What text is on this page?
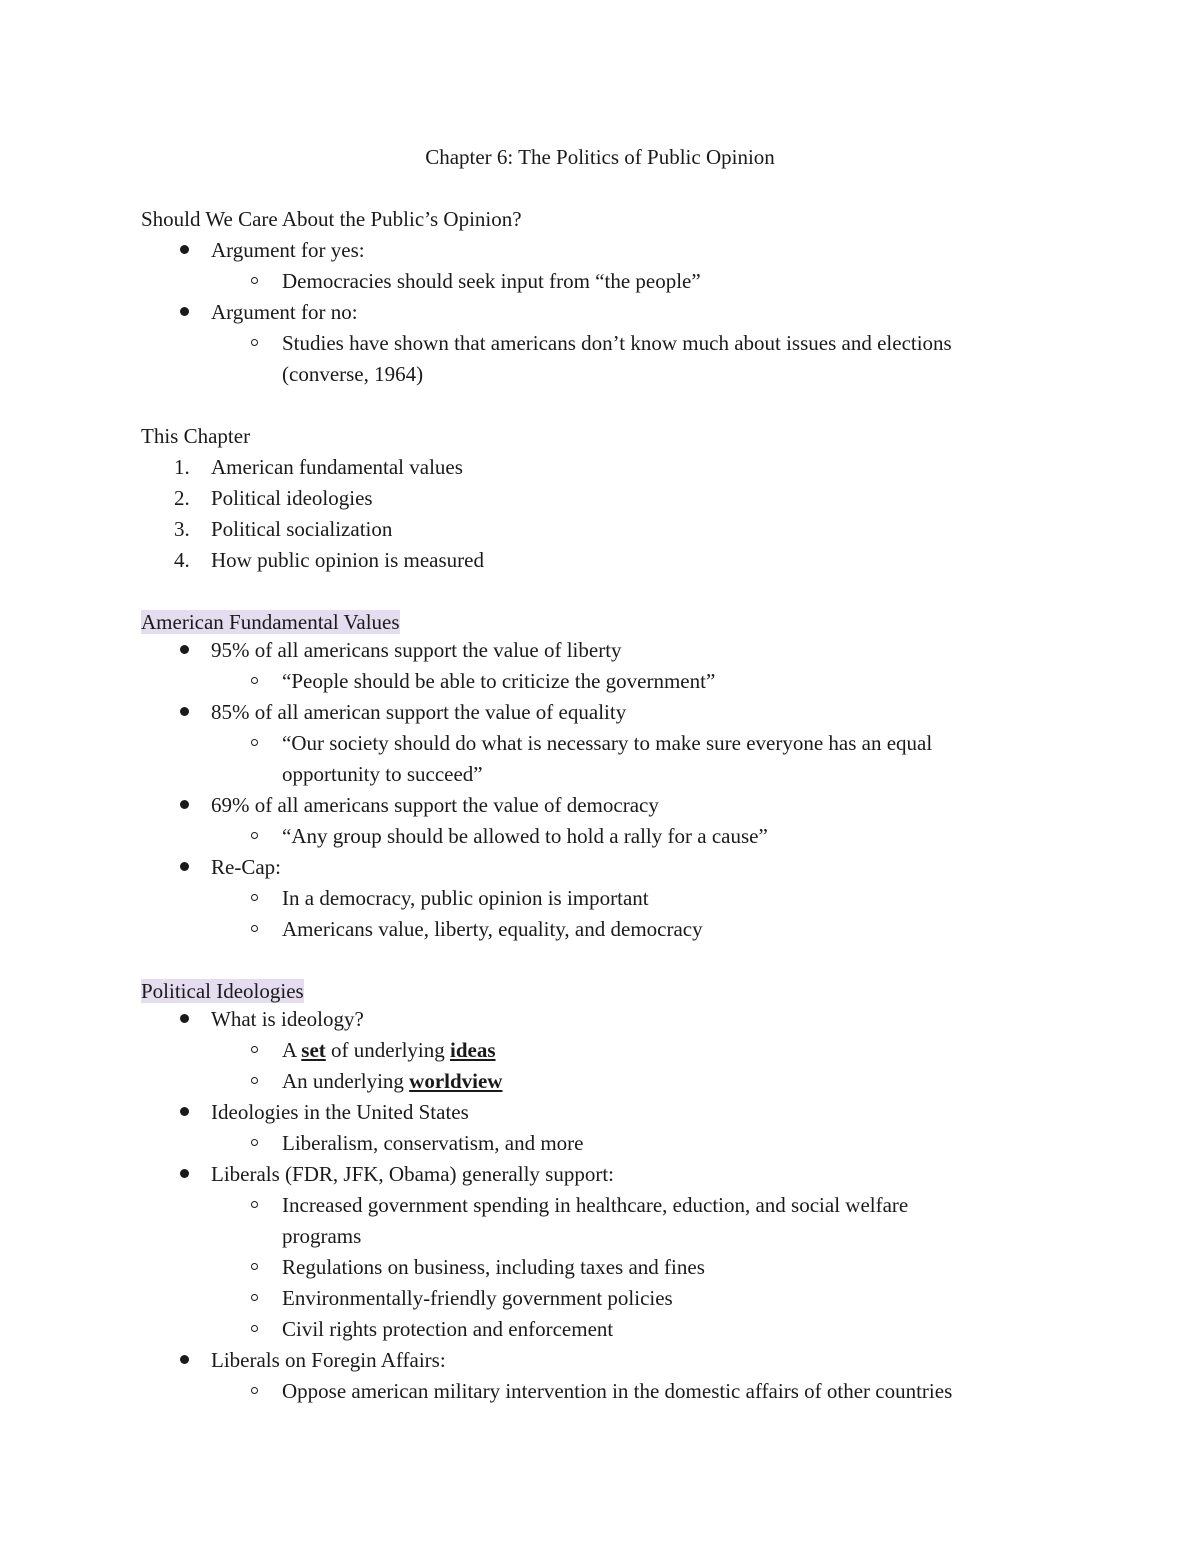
Chapter 6: The Politics of Public Opinion
Should We Care About the Public’s Opinion?
Argument for yes:
Democracies should seek input from “the people”
Argument for no:
Studies have shown that americans don’t know much about issues and elections
(converse, 1964)
This Chapter
1. American fundamental values
2. Political ideologies
3. Political socialization
4. How public opinion is measured
American Fundamental Values
95% of all americans support the value of liberty
“People should be able to criticize the government”
85% of all american support the value of equality
“Our society should do what is necessary to make sure everyone has an equal
opportunity to succeed”
69% of all americans support the value of democracy
“Any group should be allowed to hold a rally for a cause”
Re-Cap:
In a democracy, public opinion is important
Americans value, liberty, equality, and democracy
Political Ideologies
What is ideology?
A set of underlying ideas
An underlying worldview
Ideologies in the United States
Liberalism, conservatism, and more
Liberals (FDR, JFK, Obama) generally support:
Increased government spending in healthcare, eduction, and social welfare
programs
Regulations on business, including taxes and fines
Environmentally-friendly government policies
Civil rights protection and enforcement
Liberals on Foregin Affairs:
Oppose american military intervention in the domestic affairs of other countries
